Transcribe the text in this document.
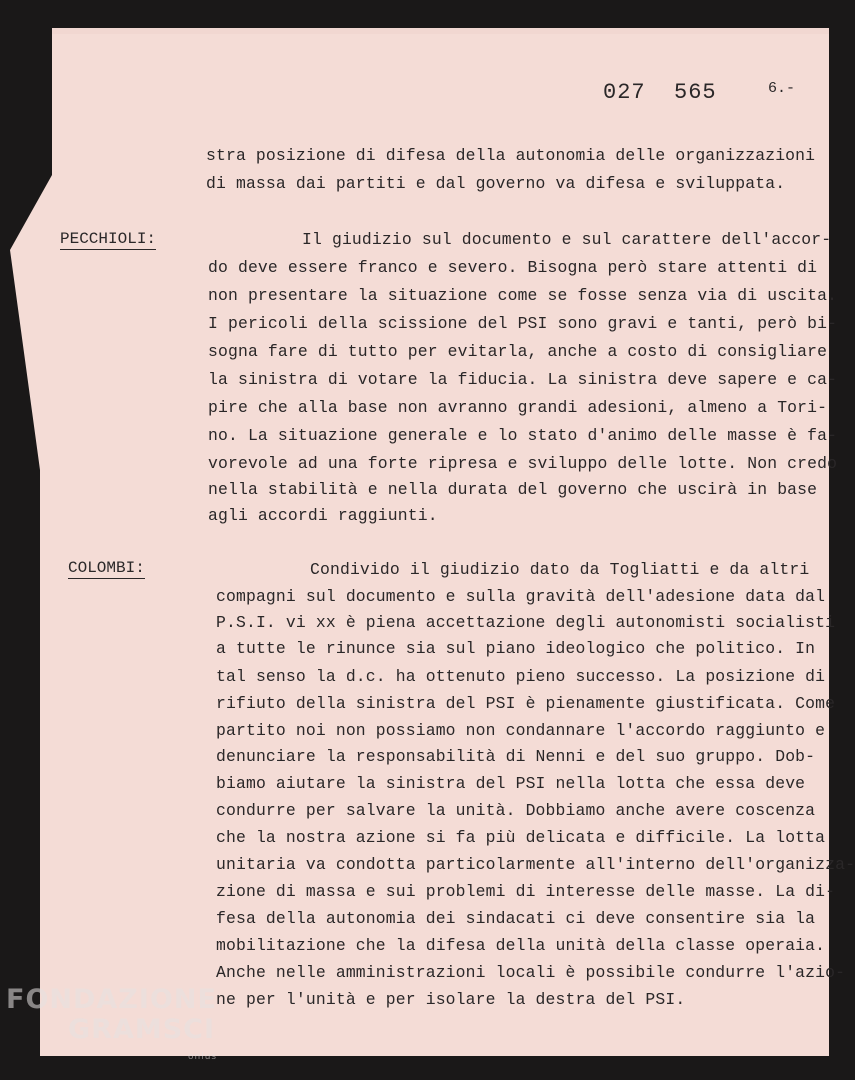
027  565	6.-
stra posizione di difesa della autonomia delle organizzazioni
di massa dai partiti e dal governo va difesa e sviluppata.
PECCHIOLI:	Il giudizio sul documento e sul carattere dell'accor-
do deve essere franco e severo. Bisogna però stare attenti di
non presentare la situazione come se fosse senza via di uscita.
I pericoli della scissione del PSI sono gravi e tanti, però bi-
sogna fare di tutto per evitarla, anche a costo di consigliare
la sinistra di votare la fiducia. La sinistra deve sapere e ca-
pire che alla base non avranno grandi adesioni, almeno a Tori-
no. La situazione generale e lo stato d'animo delle masse è fa-
vorevole ad una forte ripresa e sviluppo delle lotte. Non credo
nella stabilità e nella durata del governo che uscirà in base
agli accordi raggiunti.
COLOMBI:	Condivido il giudizio dato da Togliatti e da altri
compagni sul documento e sulla gravità dell'adesione data dal
P.S.I. vi xx è piena accettazione degli autonomisti socialisti
a tutte le rinunce sia sul piano ideologico che politico. In
tal senso la d.c. ha ottenuto pieno successo. La posizione di
rifiuto della sinistra del PSI è pienamente giustificata. Come
partito noi non possiamo non condannare l'accordo raggiunto e
denunciare la responsabilità di Nenni e del suo gruppo. Dob-
biamo aiutare la sinistra del PSI nella lotta che essa deve
condurre per salvare la unità. Dobbiamo anche avere coscenza
che la nostra azione si fa più delicata e difficile. La lotta
unitaria va condotta particolarmente all'interno dell'organizza-
zione di massa e sui problemi di interesse delle masse. La di-
fesa della autonomia dei sindacati ci deve consentire sia la
mobilitazione che la difesa della unità della classe operaia.
Anche nelle amministrazioni locali è possibile condurre l'azio-
ne per l'unità e per isolare la destra del PSI.
FONDAZIONE
GRAMSCI
onlus
